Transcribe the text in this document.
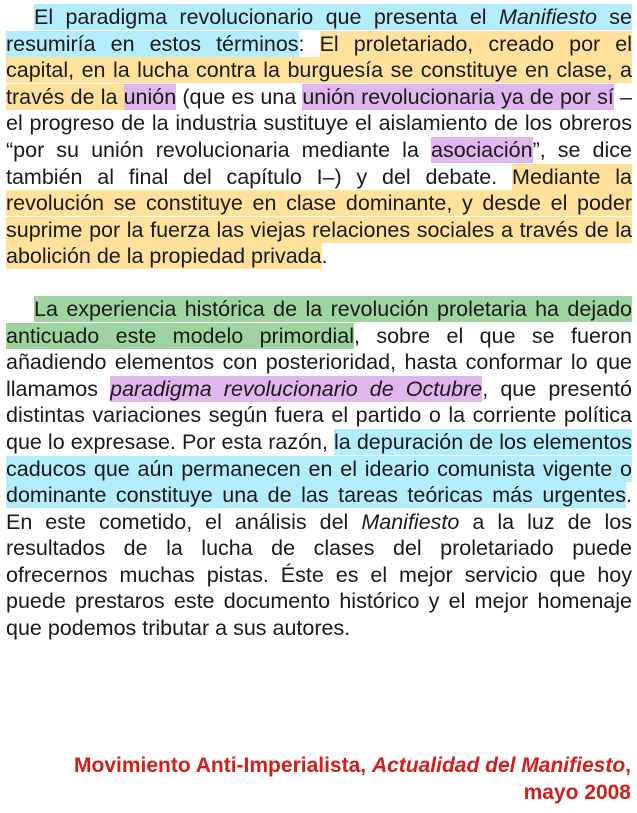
El paradigma revolucionario que presenta el Manifiesto se resumiría en estos términos: El proletariado, creado por el capital, en la lucha contra la burguesía se constituye en clase, a través de la unión (que es una unión revolucionaria ya de por sí –el progreso de la industria sustituye el aislamiento de los obreros “por su unión revolucionaria mediante la asociación”, se dice también al final del capítulo I–) y del debate. Mediante la revolución se constituye en clase dominante, y desde el poder suprime por la fuerza las viejas relaciones sociales a través de la abolición de la propiedad privada.

La experiencia histórica de la revolución proletaria ha dejado anticuado este modelo primordial, sobre el que se fueron añadiendo elementos con posterioridad, hasta conformar lo que llamamos paradigma revolucionario de Octubre, que presentó distintas variaciones según fuera el partido o la corriente política que lo expresase. Por esta razón, la depuración de los elementos caducos que aún permanecen en el ideario comunista vigente o dominante constituye una de las tareas teóricas más urgentes. En este cometido, el análisis del Manifiesto a la luz de los resultados de la lucha de clases del proletariado puede ofrecernos muchas pistas. Éste es el mejor servicio que hoy puede prestaros este documento histórico y el mejor homenaje que podemos tributar a sus autores.

Movimiento Anti-Imperialista, Actualidad del Manifiesto, mayo 2008
